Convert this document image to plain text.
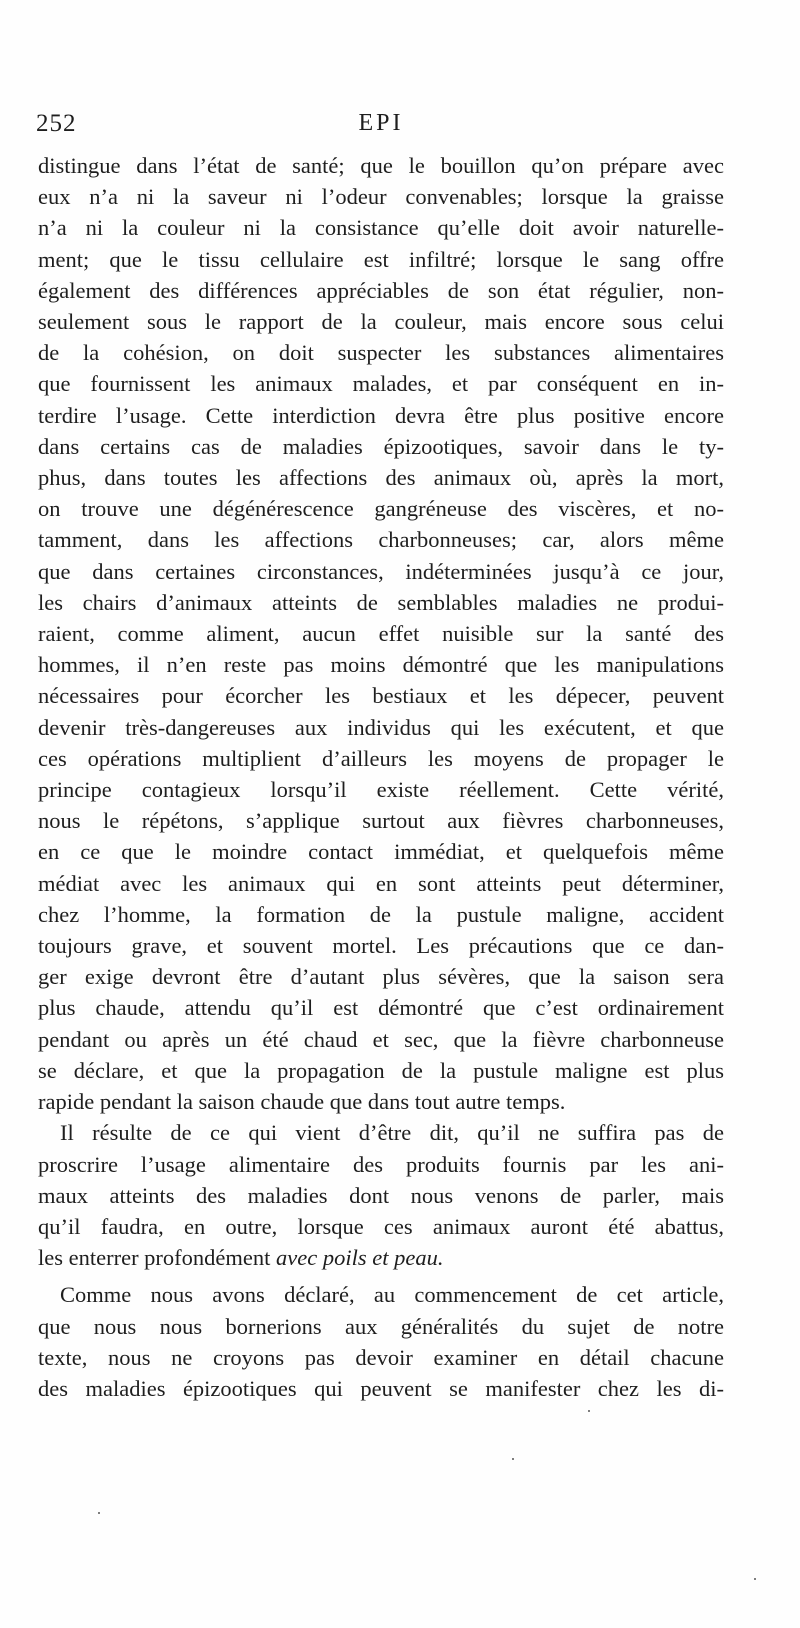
252	EPI

distingue dans l’état de santé; que le bouillon qu’on prépare avec

eux n’a ni la saveur ni l’odeur convenables; lorsque la graisse

n’a ni la couleur ni la consistance qu’elle doit avoir naturelle-

ment; que le tissu cellulaire est infiltré; lorsque le sang offre

également des différences appréciables de son état régulier, non-

seulement sous le rapport de la couleur, mais encore sous celui

de la cohésion, on doit suspecter les substances alimentaires

que fournissent les animaux malades, et par conséquent en in-

terdire l’usage. Cette interdiction devra être plus positive encore

dans certains cas de maladies épizootiques, savoir dans le ty-

phus, dans toutes les affections des animaux où, après la mort,

on trouve une dégénérescence gangréneuse des viscères, et no-

tamment, dans les affections charbonneuses; car, alors même

que dans certaines circonstances, indéterminées jusqu’à ce jour,

les chairs d’animaux atteints de semblables maladies ne produi-

raient, comme aliment, aucun effet nuisible sur la santé des

hommes, il n’en reste pas moins démontré que les manipulations

nécessaires pour écorcher les bestiaux et les dépecer, peuvent

devenir très-dangereuses aux individus qui les exécutent, et que

ces opérations multiplient d’ailleurs les moyens de propager le

principe contagieux lorsqu’il existe réellement. Cette vérité,

nous le répétons, s’applique surtout aux fièvres charbonneuses,

en ce que le moindre contact immédiat, et quelquefois même

médiat avec les animaux qui en sont atteints peut déterminer,

chez l’homme, la formation de la pustule maligne, accident

toujours grave, et souvent mortel. Les précautions que ce dan-

ger exige devront être d’autant plus sévères, que la saison sera

plus chaude, attendu qu’il est démontré que c’est ordinairement

pendant ou après un été chaud et sec, que la fièvre charbonneuse

se déclare, et que la propagation de la pustule maligne est plus

rapide pendant la saison chaude que dans tout autre temps.

Il résulte de ce qui vient d’être dit, qu’il ne suffira pas de

proscrire l’usage alimentaire des produits fournis par les ani-

maux atteints des maladies dont nous venons de parler, mais

qu’il faudra, en outre, lorsque ces animaux auront été abattus,

les enterrer profondément avec poils et peau.

Comme nous avons déclaré, au commencement de cet article,

que nous nous bornerions aux généralités du sujet de notre

texte, nous ne croyons pas devoir examiner en détail chacune

des maladies épizootiques qui peuvent se manifester chez les di-
